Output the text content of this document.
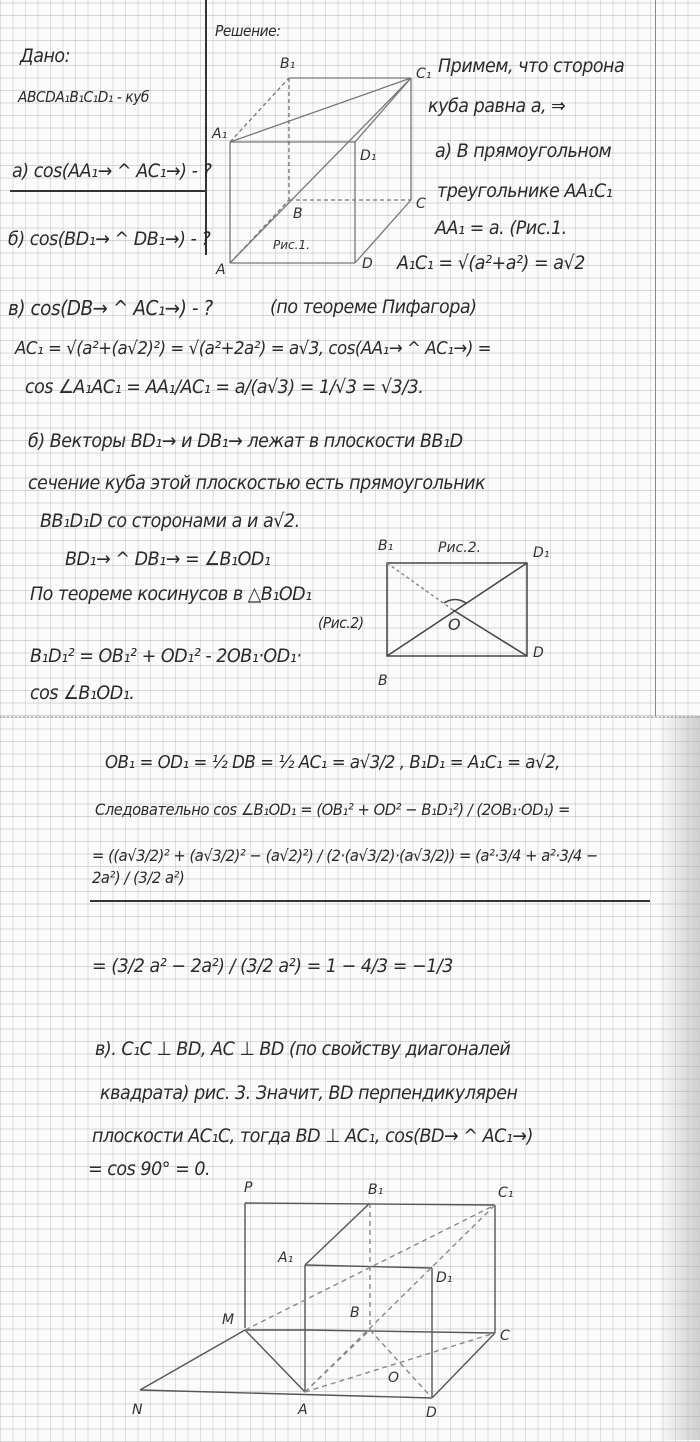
Дано:
ABCDA₁B₁C₁D₁ - куб
а) cos(AA₁→ ^ AC₁→) - ?
б) cos(BD₁→ ^ DB₁→) - ?
в) cos(DB→ ^ AC₁→) - ?
Решение:
Примем, что сторона
куба равна a, ⇒
а) В прямоугольном
треугольнике AA₁C₁
AA₁ = a. (Рис.1.
A₁C₁ = √(a²+a²) = a√2
B₁
C₁
A₁
D₁
B
C
A	D
Рис.1.
(по теореме Пифагора)
AC₁ = √(a²+(a√2)²) = √(a²+2a²) = a√3, cos(AA₁→ ^ AC₁→) =
cos ∠A₁AC₁ = AA₁/AC₁ = a/(a√3) = 1/√3 = √3/3.
б) Векторы BD₁→ и DB₁→ лежат в плоскости BB₁D
сечение куба этой плоскостью есть прямоугольник
BB₁D₁D со сторонами a и a√2.
BD₁→ ^ DB₁→ = ∠B₁OD₁
По теореме косинусов в △B₁OD₁
(Рис.2)
B₁D₁² = OB₁² + OD₁² - 2OB₁·OD₁·
cos ∠B₁OD₁.
B₁	Рис.2.	D₁
O
B
D
OB₁ = OD₁ = ½ DB = ½ AC₁ = a√3/2 , B₁D₁ = A₁C₁ = a√2,
Следовательно cos ∠B₁OD₁ = (OB₁² + OD² − B₁D₁²) / (2OB₁·OD₁) =
= ((a√3/2)² + (a√3/2)² − (a√2)²) / (2·(a√3/2)·(a√3/2)) = (a²·3/4 + a²·3/4 − 2a²) / (3/2 a²)
= (3/2 a² − 2a²) / (3/2 a²) = 1 − 4/3 = −1/3
в). C₁C ⊥ BD, AC ⊥ BD (по свойству диагоналей
квадрата) рис. 3. Значит, BD перпендикулярен
плоскости AC₁C, тогда BD ⊥ AC₁, cos(BD→ ^ AC₁→)
= cos 90° = 0.
P	B₁	C₁
A₁
D₁
M	B
C
O
N	A	D
